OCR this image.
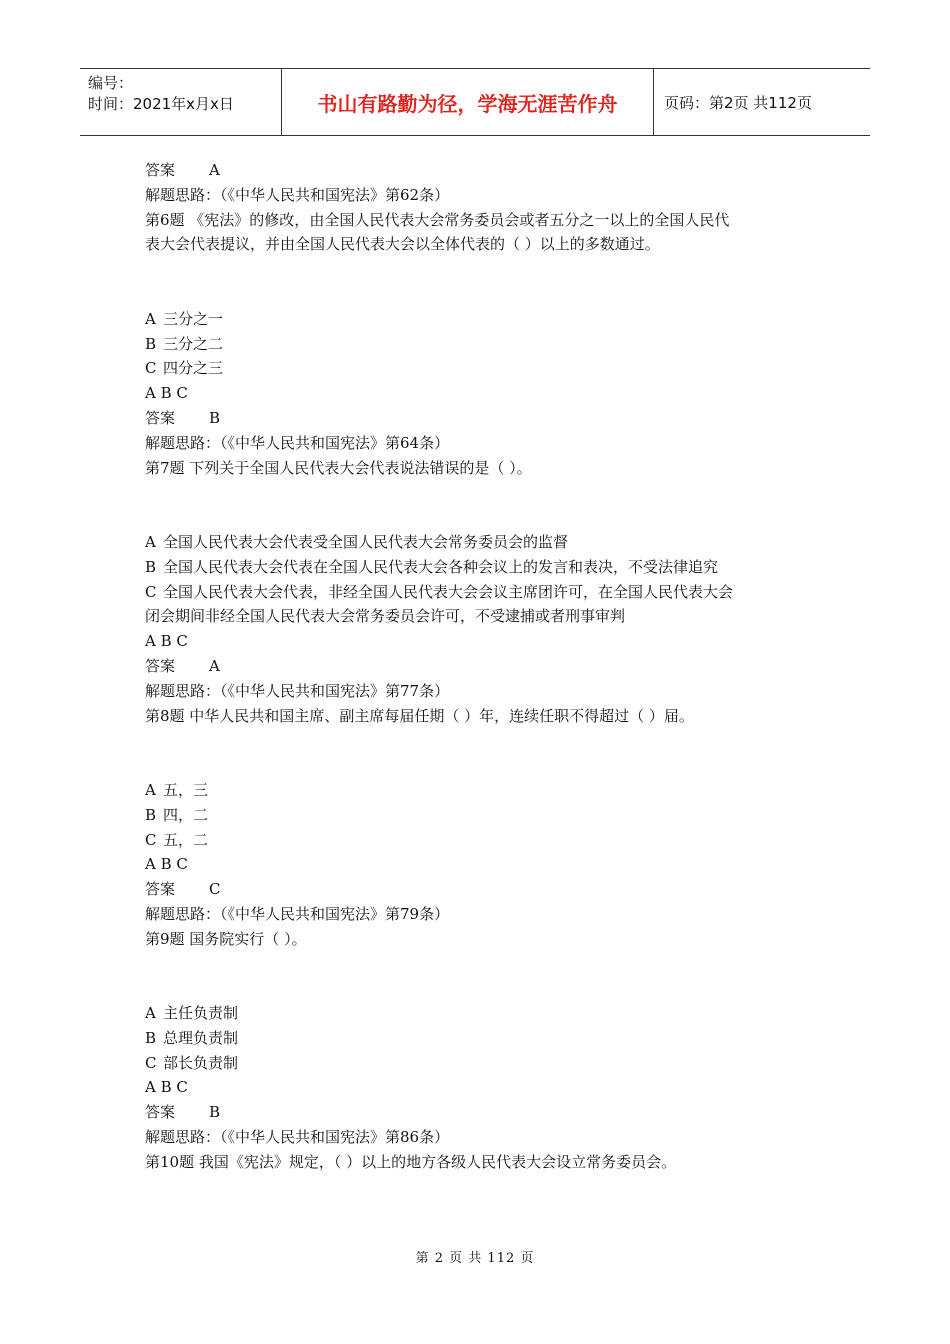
编号：
时间：2021年x月x日	书山有路勤为径，学海无涯苦作舟	页码：第2页 共112页
答案 A
解题思路：（《中华人民共和国宪法》第62条）
第6题 《宪法》的修改，由全国人民代表大会常务委员会或者五分之一以上的全国人民代
表大会代表提议，并由全国人民代表大会以全体代表的（ ）以上的多数通过。
A 三分之一
B 三分之二
C 四分之三
A B C
答案 B
解题思路：（《中华人民共和国宪法》第64条）
第7题 下列关于全国人民代表大会代表说法错误的是（ ）。
A 全国人民代表大会代表受全国人民代表大会常务委员会的监督
B 全国人民代表大会代表在全国人民代表大会各种会议上的发言和表决，不受法律追究
C 全国人民代表大会代表，非经全国人民代表大会会议主席团许可，在全国人民代表大会
闭会期间非经全国人民代表大会常务委员会许可，不受逮捕或者刑事审判
A B C
答案 A
解题思路：（《中华人民共和国宪法》第77条）
第8题 中华人民共和国主席、副主席每届任期（ ）年，连续任职不得超过（ ）届。
A 五，三
B 四，二
C 五，二
A B C
答案 C
解题思路：（《中华人民共和国宪法》第79条）
第9题 国务院实行（ ）。
A 主任负责制
B 总理负责制
C 部长负责制
A B C
答案 B
解题思路：（《中华人民共和国宪法》第86条）
第10题 我国《宪法》规定，（ ）以上的地方各级人民代表大会设立常务委员会。
第 2 页 共 112 页
